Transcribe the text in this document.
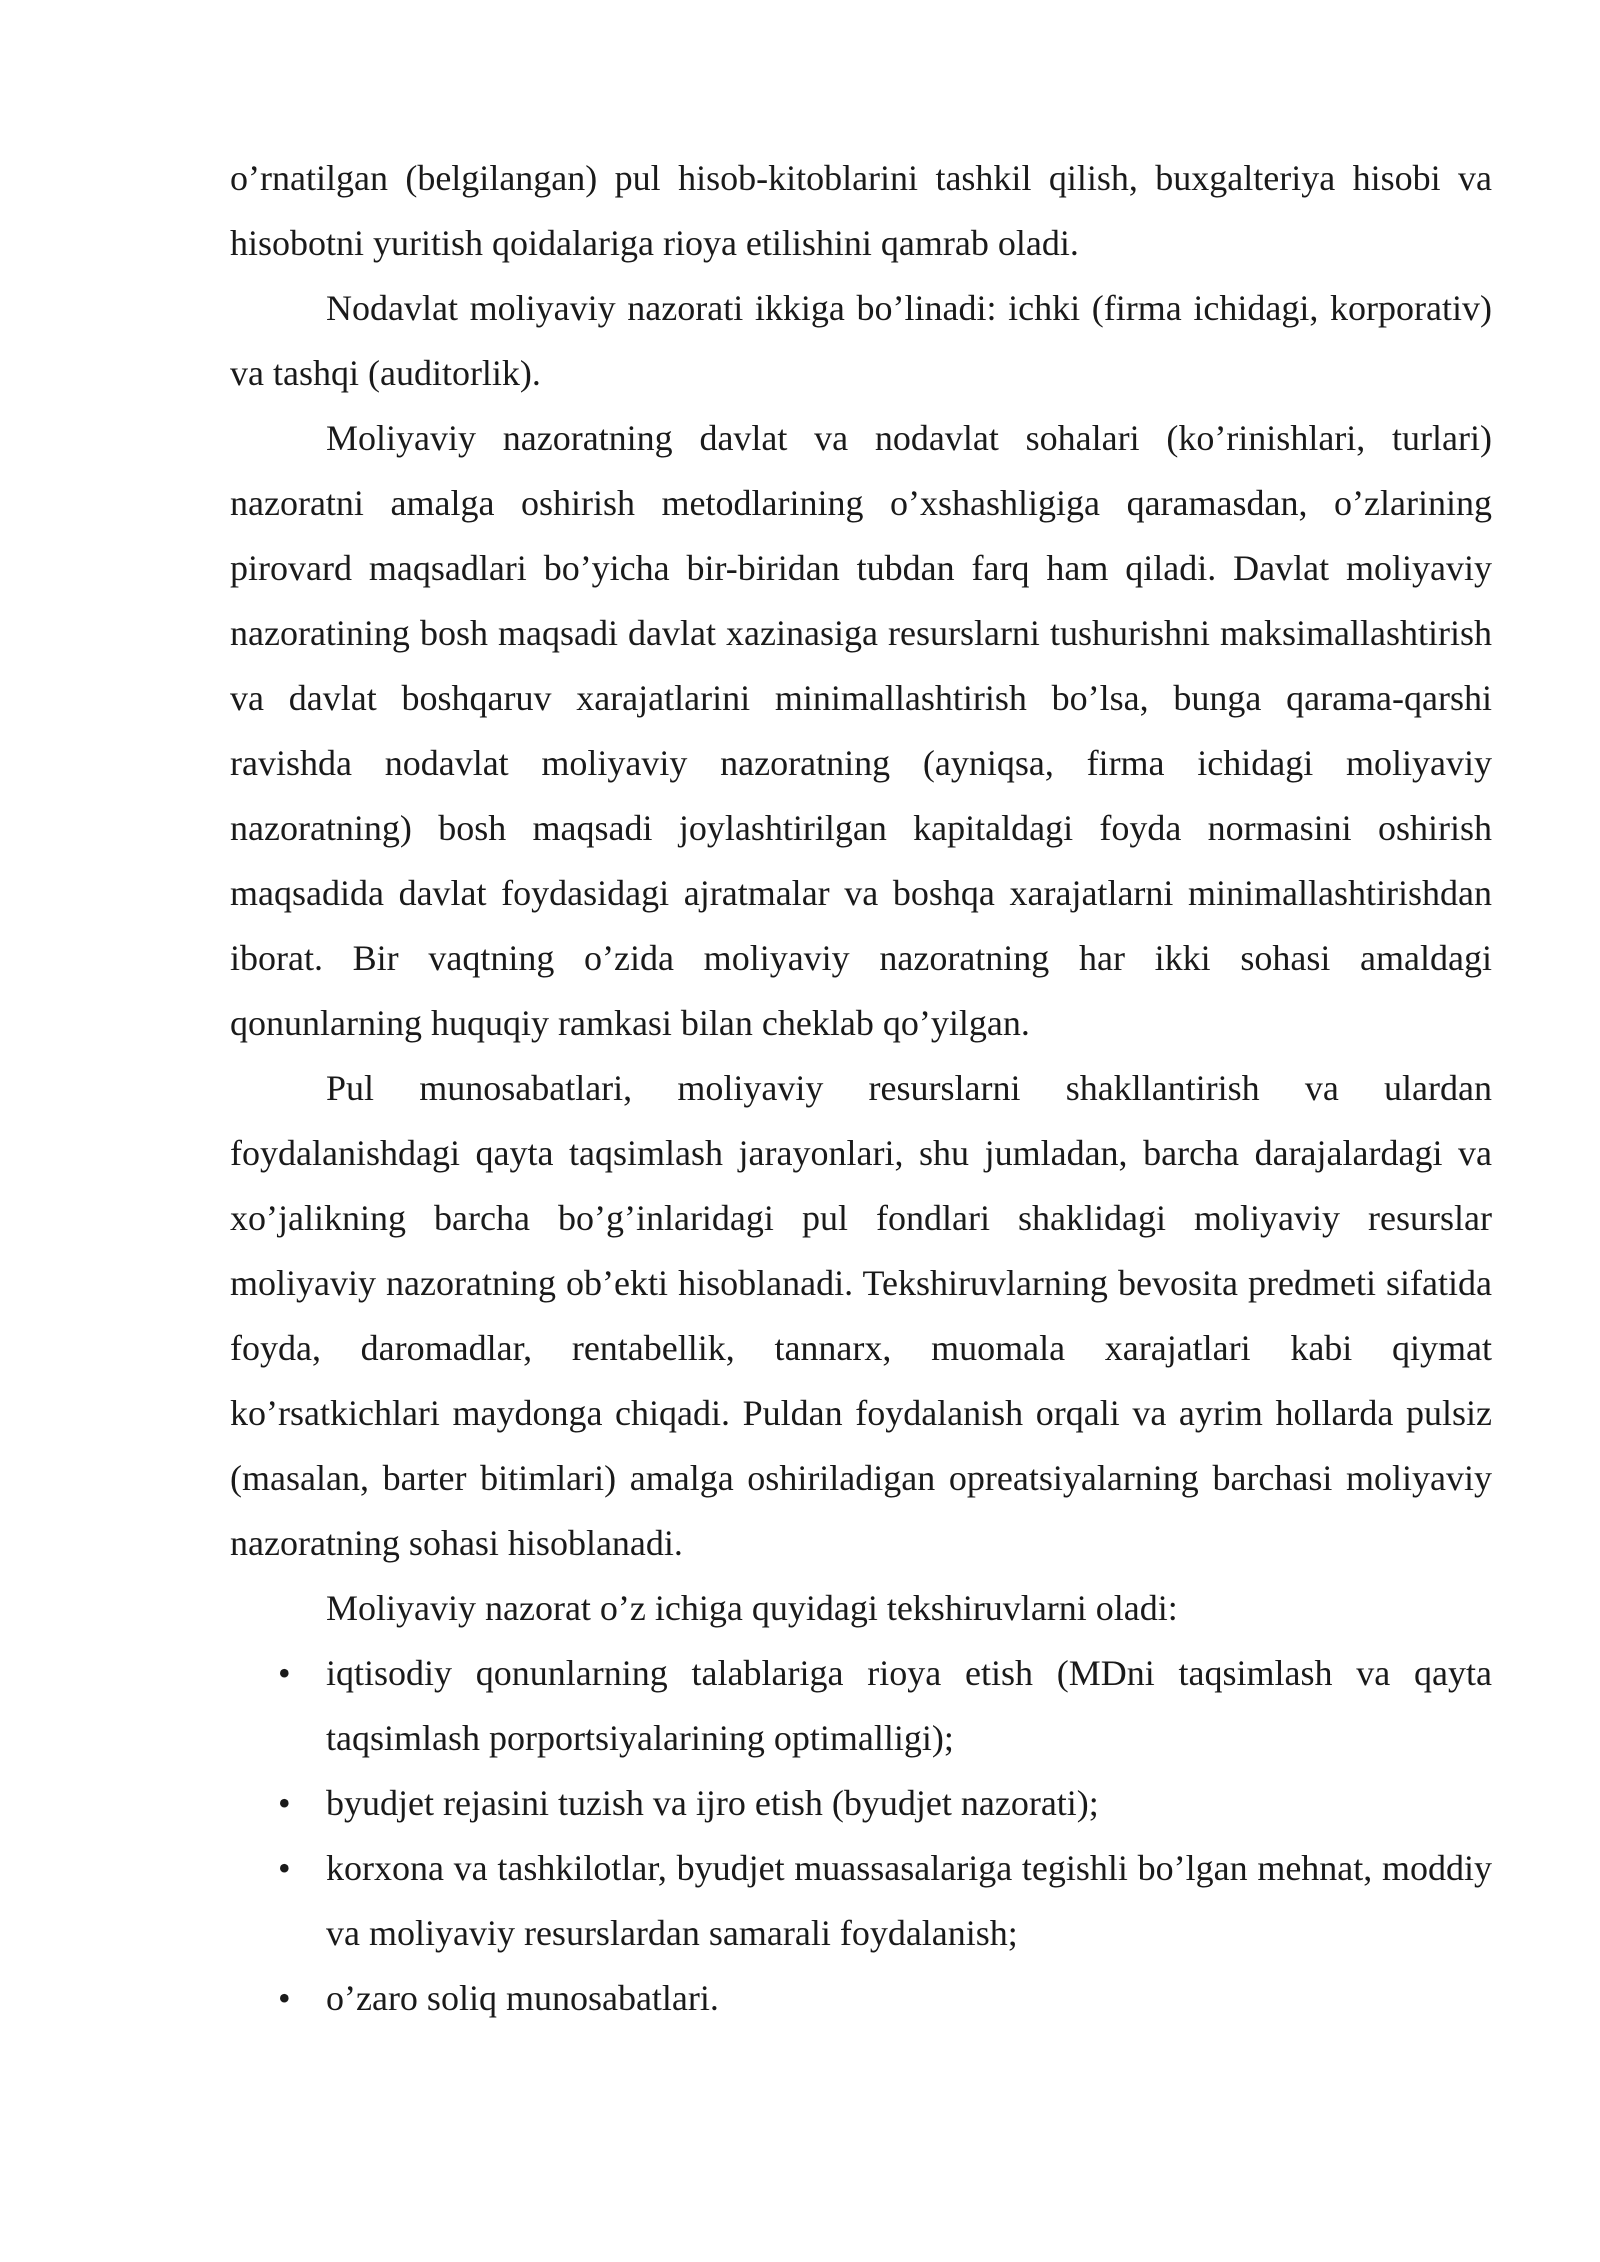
o’rnatilgan (belgilangan) pul hisob-kitoblarini tashkil qilish, buxgalteriya hisobi va hisobotni yuritish qoidalariga rioya etilishini qamrab oladi.

Nodavlat moliyaviy nazorati ikkiga bo’linadi: ichki (firma ichidagi, korporativ) va tashqi (auditorlik).

Moliyaviy nazoratning davlat va nodavlat sohalari (ko’rinishlari, turlari) nazoratni amalga oshirish metodlarining o’xshashligiga qaramasdan, o’zlarining pirovard maqsadlari bo’yicha bir-biridan tubdan farq ham qiladi. Davlat moliyaviy nazoratining bosh maqsadi davlat xazinasiga resurslarni tushurishni maksimallashtirish va davlat boshqaruv xarajatlarini minimallashtirish bo’lsa, bunga qarama-qarshi ravishda nodavlat moliyaviy nazoratning (ayniqsa, firma ichidagi moliyaviy nazoratning) bosh maqsadi joylashtirilgan kapitaldagi foyda normasini oshirish maqsadida davlat foydasidagi ajratmalar va boshqa xarajatlarni minimallashtirishdan iborat. Bir vaqtning o’zida moliyaviy nazoratning har ikki sohasi amaldagi qonunlarning huquqiy ramkasi bilan cheklab qo’yilgan.

Pul munosabatlari, moliyaviy resurslarni shakllantirish va ulardan foydalanishdagi qayta taqsimlash jarayonlari, shu jumladan, barcha darajalardagi va xo’jalikning barcha bo’g’inlaridagi pul fondlari shaklidagi moliyaviy resurslar moliyaviy nazoratning ob’ekti hisoblanadi. Tekshiruvlarning bevosita predmeti sifatida foyda, daromadlar, rentabellik, tannarx, muomala xarajatlari kabi qiymat ko’rsatkichlari maydonga chiqadi. Puldan foydalanish orqali va ayrim hollarda pulsiz (masalan, barter bitimlari) amalga oshiriladigan opreatsiyalarning barchasi moliyaviy nazoratning sohasi hisoblanadi.

Moliyaviy nazorat o’z ichiga quyidagi tekshiruvlarni oladi:

• iqtisodiy qonunlarning talablariga rioya etish (MDni taqsimlash va qayta taqsimlash porportsiyalarining optimalligi);
• byudjet rejasini tuzish va ijro etish (byudjet nazorati);
• korxona va tashkilotlar, byudjet muassasalariga tegishli bo’lgan mehnat, moddiy va moliyaviy resurslardan samarali foydalanish;
• o’zaro soliq munosabatlari.
